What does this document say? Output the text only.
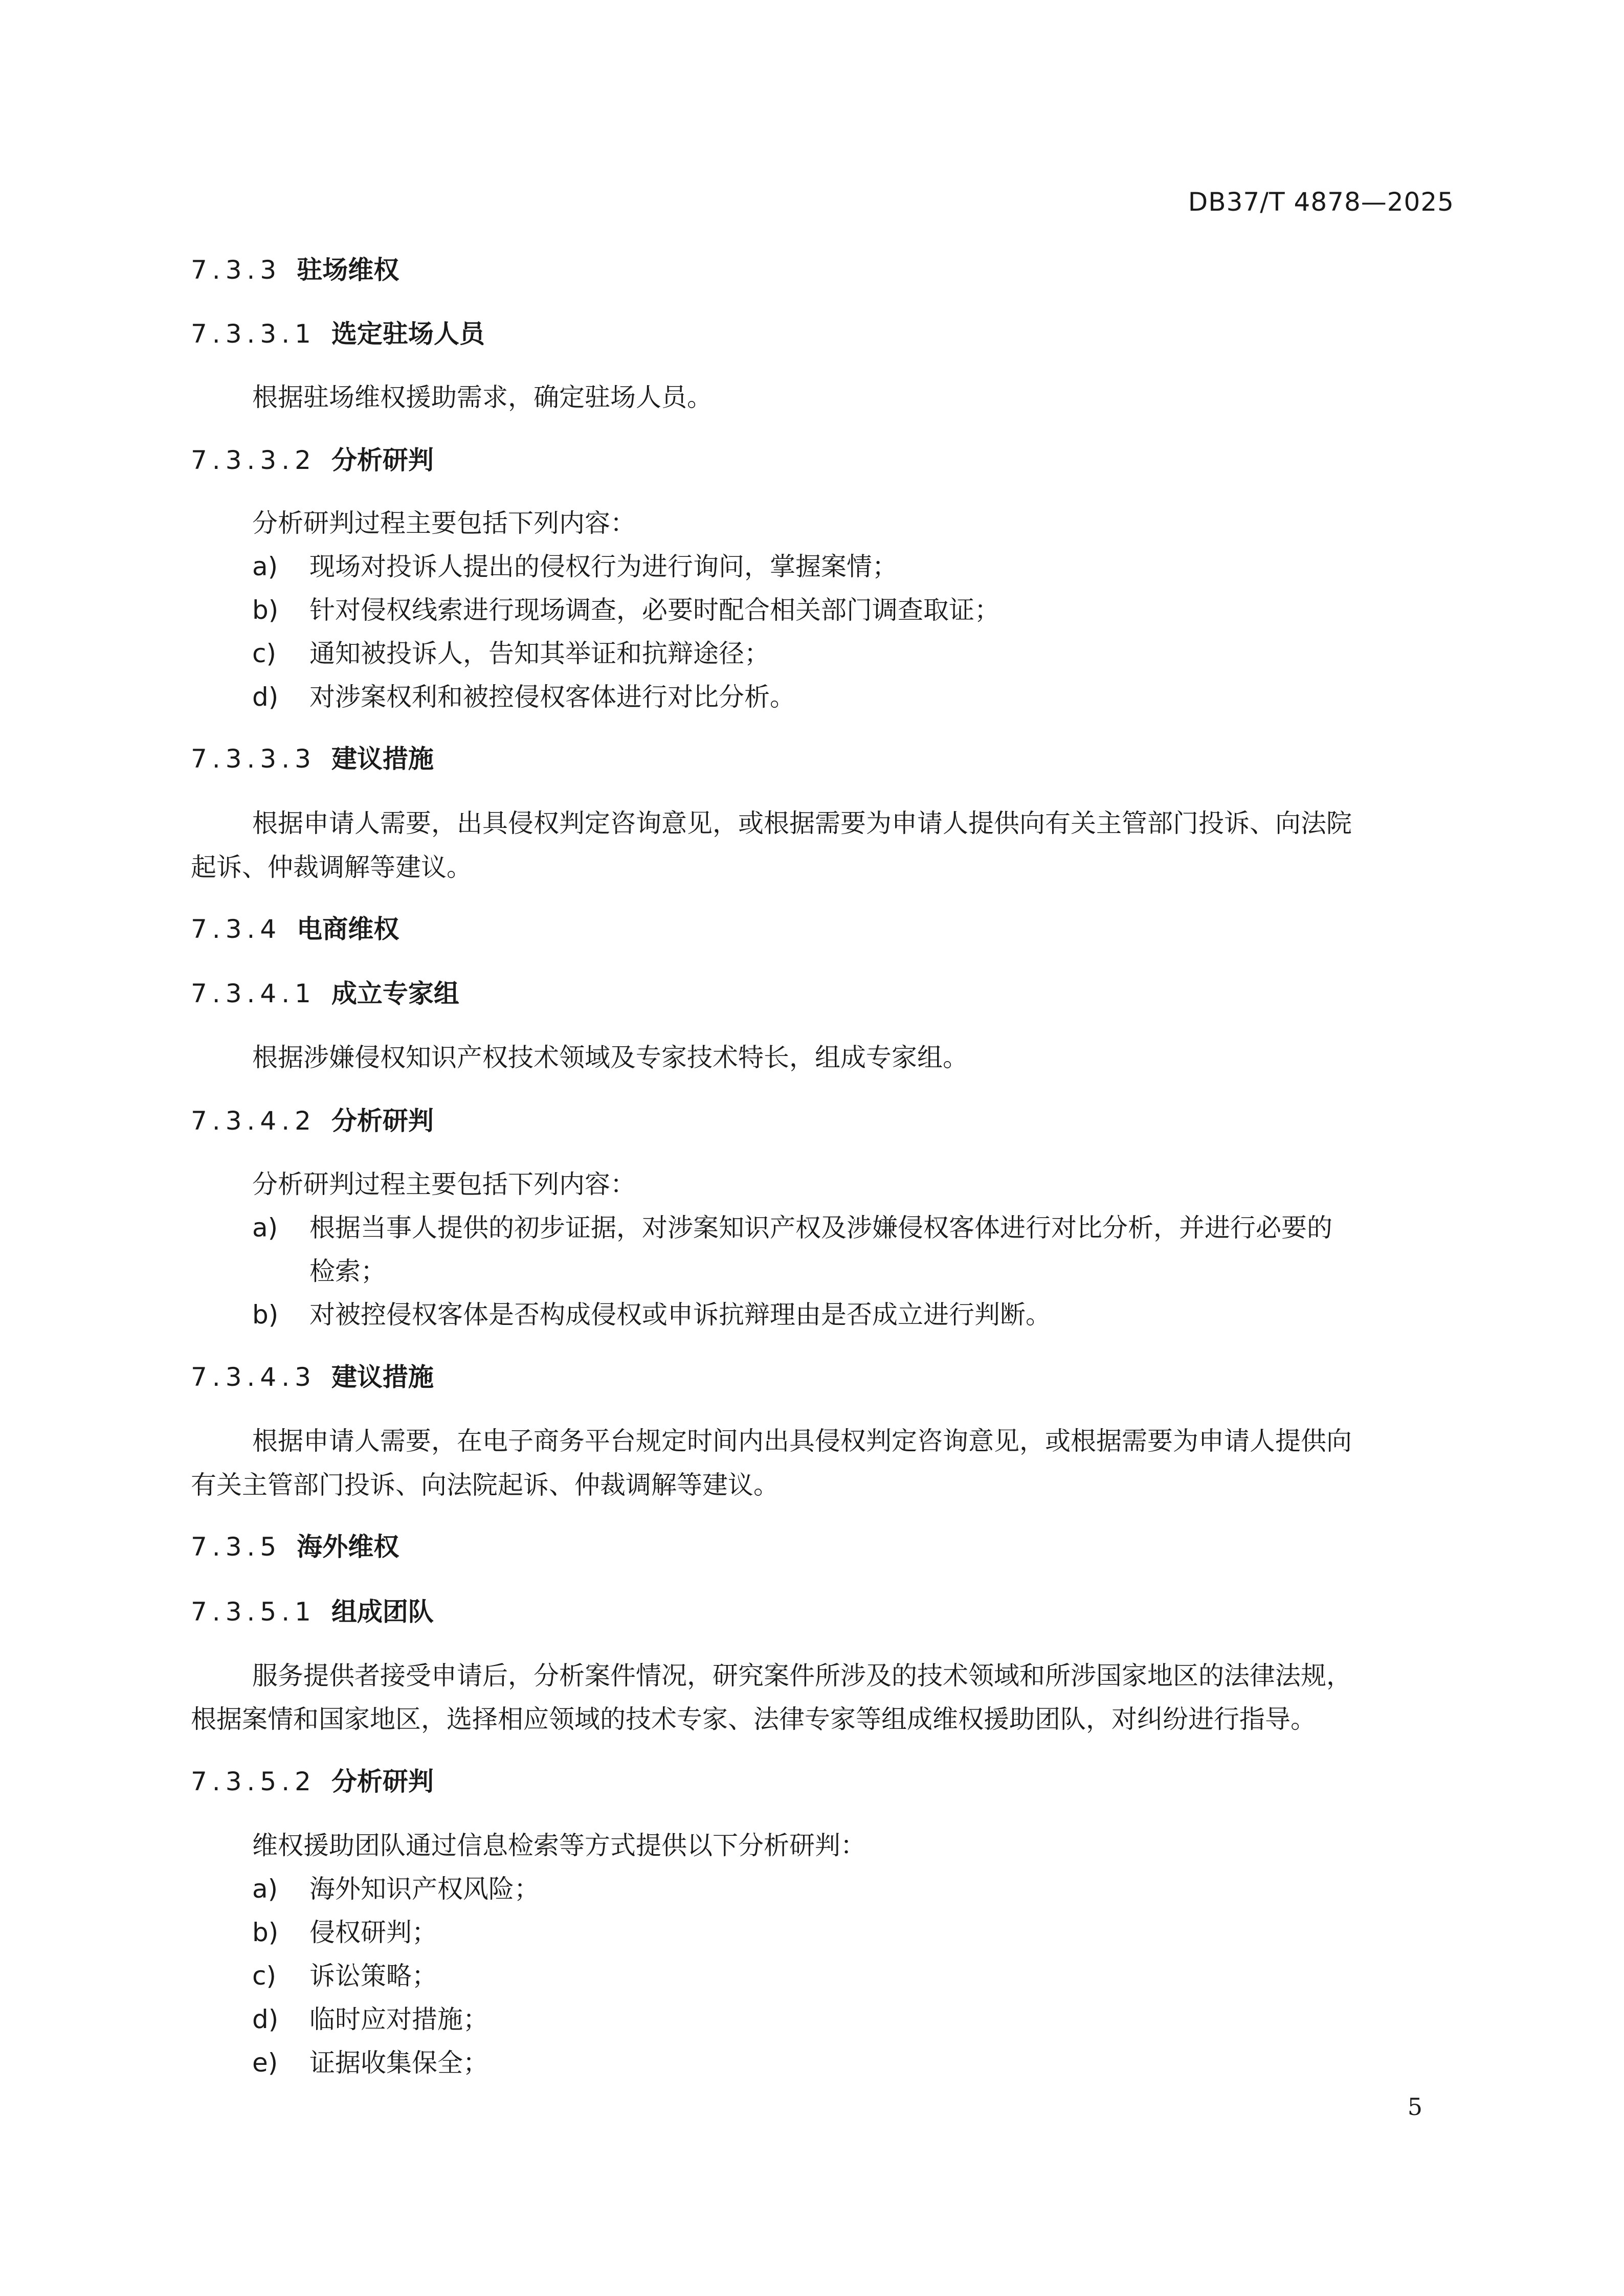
DB37/T 4878—2025
7.3.3 驻场维权
7.3.3.1 选定驻场人员
根据驻场维权援助需求，确定驻场人员。
7.3.3.2 分析研判
分析研判过程主要包括下列内容：
a) 现场对投诉人提出的侵权行为进行询问，掌握案情；
b) 针对侵权线索进行现场调查，必要时配合相关部门调查取证；
c) 通知被投诉人，告知其举证和抗辩途径；
d) 对涉案权利和被控侵权客体进行对比分析。
7.3.3.3 建议措施
根据申请人需要，出具侵权判定咨询意见，或根据需要为申请人提供向有关主管部门投诉、向法院
起诉、仲裁调解等建议。
7.3.4 电商维权
7.3.4.1 成立专家组
根据涉嫌侵权知识产权技术领域及专家技术特长，组成专家组。
7.3.4.2 分析研判
分析研判过程主要包括下列内容：
a) 根据当事人提供的初步证据，对涉案知识产权及涉嫌侵权客体进行对比分析，并进行必要的
检索；
b) 对被控侵权客体是否构成侵权或申诉抗辩理由是否成立进行判断。
7.3.4.3 建议措施
根据申请人需要，在电子商务平台规定时间内出具侵权判定咨询意见，或根据需要为申请人提供向
有关主管部门投诉、向法院起诉、仲裁调解等建议。
7.3.5 海外维权
7.3.5.1 组成团队
服务提供者接受申请后，分析案件情况，研究案件所涉及的技术领域和所涉国家地区的法律法规，
根据案情和国家地区，选择相应领域的技术专家、法律专家等组成维权援助团队，对纠纷进行指导。
7.3.5.2 分析研判
维权援助团队通过信息检索等方式提供以下分析研判：
a) 海外知识产权风险；
b) 侵权研判；
c) 诉讼策略；
d) 临时应对措施；
e) 证据收集保全；
5
